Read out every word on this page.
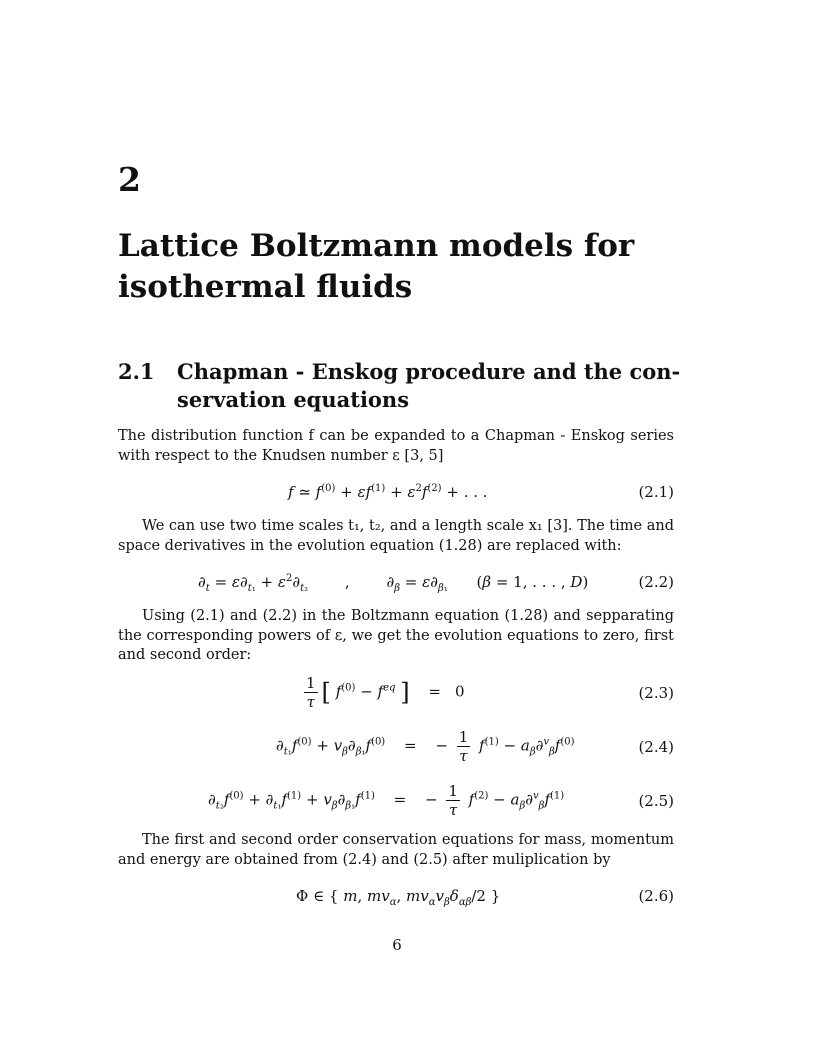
2
Lattice Boltzmann models for isothermal fluids
2.1 Chapman - Enskog procedure and the con-
servation equations
The distribution function f can be expanded to a Chapman - Enskog series with respect to the Knudsen number ε [3, 5]
f ≃ $f^{(0)} + \varepsilon f^{(1)} + \varepsilon^2f^{(2)}$ + . . .	(2.1)
We can use two time scales t₁, t₂, and a length scale x₁ [3]. The time and space derivatives in the evolution equation (1.28) are replaced with:
$\partial_t = \varepsilon\partial_{t_1} + \varepsilon^2\partial_{t_2}$ , $\partial_\beta = \varepsilon\partial_{\beta_1}$ (β = 1, . . . , D)	(2.2)
Using (2.1) and (2.2) in the Boltzmann equation (1.28) and sepparating the corresponding powers of ε, we get the evolution equations to zero, first and second order:
$\frac{1}{\tau}$ [ $f^{(0)} - f^{eq}$ ] = 0	(2.3)
$\partial_{t_1}f^{(0)} + v_\beta\partial_{\beta_1}f^{(0)}$ = − $\frac{1}{\tau} f^{(1)} - a_\beta\partial^v_\beta f^{(0)}$	(2.4)
$\partial_{t_2}f^{(0)} + \partial_{t_1}f^{(1)} + v_\beta\partial_{\beta_1}f^{(1)}$ = − $\frac{1}{\tau} f^{(2)} - a_\beta\partial^v_\beta f^{(1)}$	(2.5)
The first and second order conservation equations for mass, momentum and energy are obtained from (2.4) and (2.5) after muliplication by
Φ ∈ { m, $mv_\alpha$, $mv_\alpha v_\beta\delta_{\alpha\beta}/2$ }	(2.6)
6
